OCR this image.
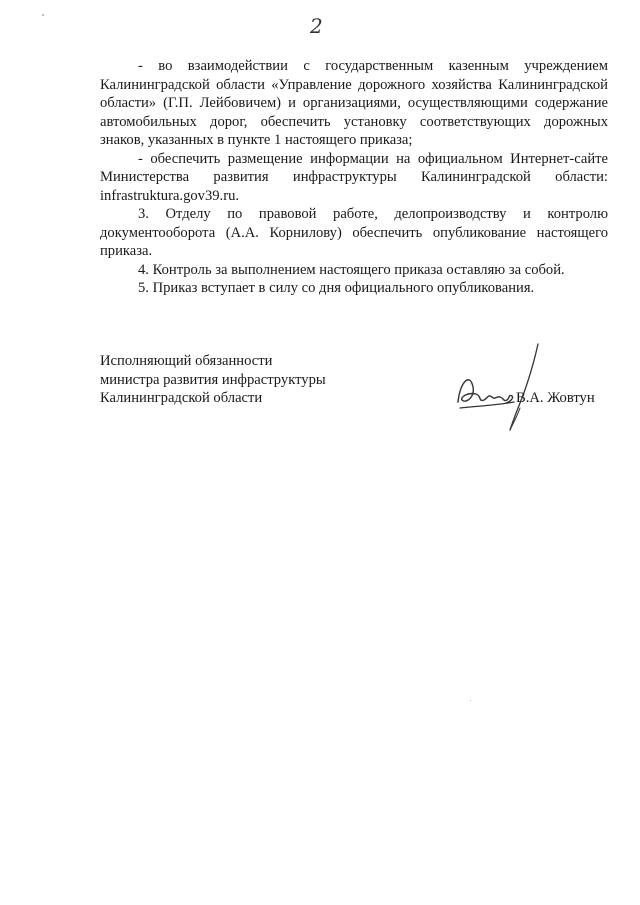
2

- во взаимодействии с государственным казенным учреждением Калининградской области «Управление дорожного хозяйства Калининградской области» (Г.П. Лейбовичем) и организациями, осуществляющими содержание автомобильных дорог, обеспечить установку соответствующих дорожных знаков, указанных в пункте 1 настоящего приказа;

- обеспечить размещение информации на официальном Интернет-сайте Министерства развития инфраструктуры Калининградской области: infrastruktura.gov39.ru.

3. Отделу по правовой работе, делопроизводству и контролю документооборота (А.А. Корнилову) обеспечить опубликование настоящего приказа.

4. Контроль за выполнением настоящего приказа оставляю за собой.

5. Приказ вступает в силу со дня официального опубликования.

Исполняющий обязанности
министра развития инфраструктуры
Калининградской области	В.А. Жовтун
